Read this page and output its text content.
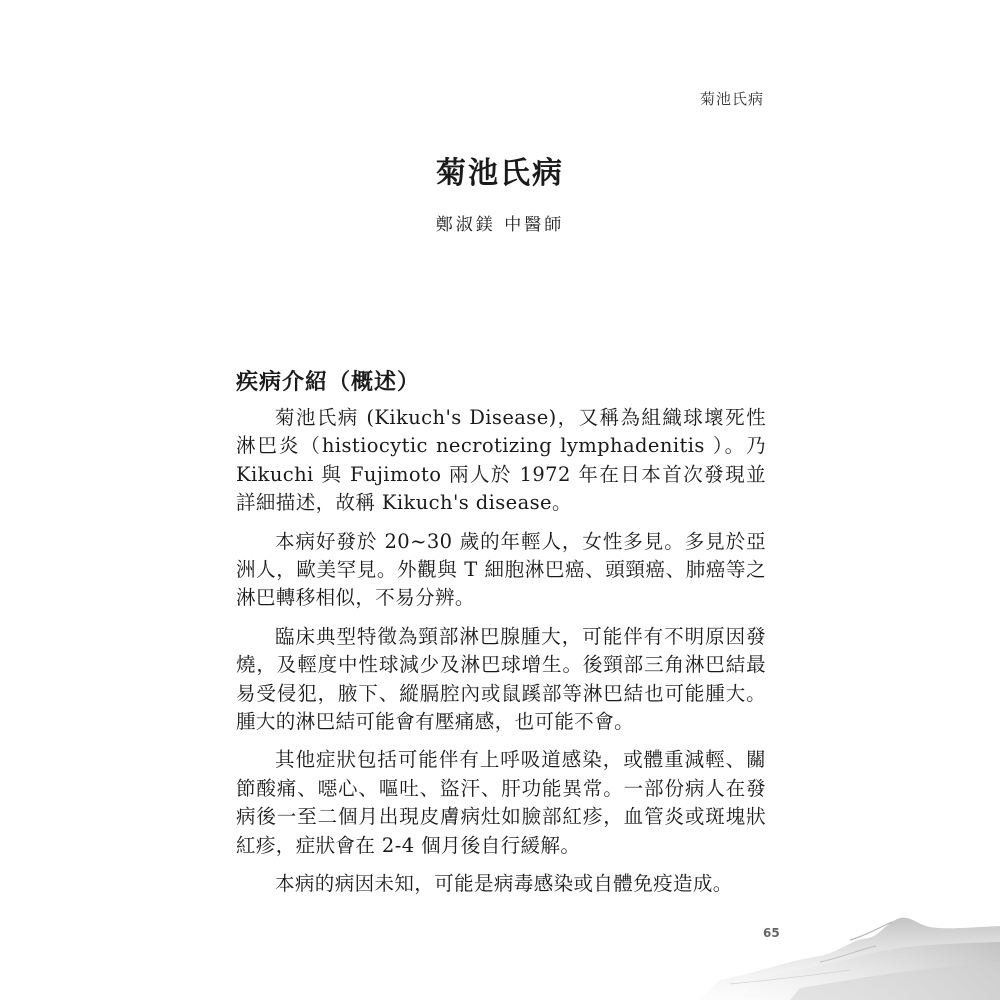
菊池氏病
菊池氏病
鄭淑鎂 中醫師
疾病介紹（概述）

菊池氏病 (Kikuch's Disease)，又稱為組織球壞死性淋巴炎（histiocytic necrotizing lymphadenitis ）。乃 Kikuchi 與 Fujimoto 兩人於 1972 年在日本首次發現並詳細描述，故稱 Kikuch's disease。

本病好發於 20~30 歲的年輕人，女性多見。多見於亞洲人，歐美罕見。外觀與 T 細胞淋巴癌、頭頸癌、肺癌等之淋巴轉移相似，不易分辨。

臨床典型特徵為頸部淋巴腺腫大，可能伴有不明原因發燒，及輕度中性球減少及淋巴球增生。後頸部三角淋巴結最易受侵犯，腋下、縱膈腔內或鼠蹊部等淋巴結也可能腫大。腫大的淋巴結可能會有壓痛感，也可能不會。

其他症狀包括可能伴有上呼吸道感染，或體重減輕、關節酸痛、噁心、嘔吐、盜汗、肝功能異常。一部份病人在發病後一至二個月出現皮膚病灶如臉部紅疹，血管炎或斑塊狀紅疹，症狀會在 2-4 個月後自行緩解。

本病的病因未知，可能是病毒感染或自體免疫造成。

65
